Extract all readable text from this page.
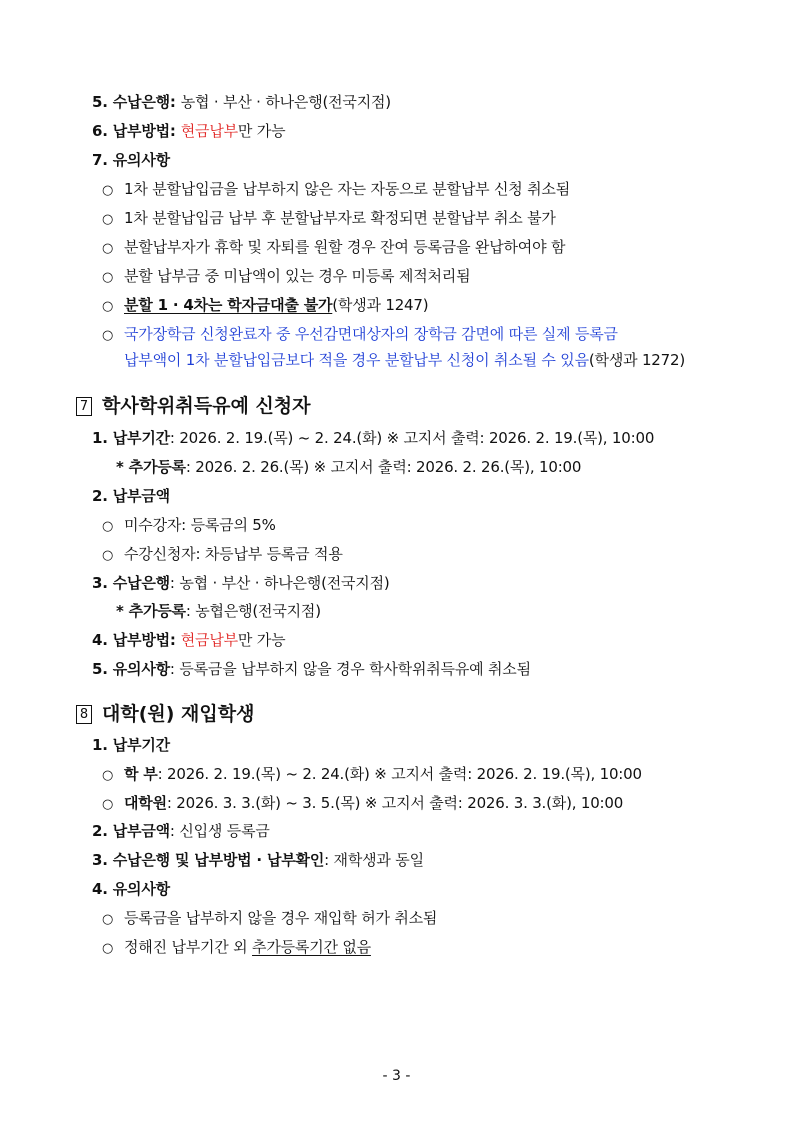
5. 수납은행: 농협 · 부산 · 하나은행(전국지점)
6. 납부방법: 현금납부만 가능
7. 유의사항
○ 1차 분할납입금을 납부하지 않은 자는 자동으로 분할납부 신청 취소됨
○ 1차 분할납입금 납부 후 분할납부자로 확정되면 분할납부 취소 불가
○ 분할납부자가 휴학 및 자퇴를 원할 경우 잔여 등록금을 완납하여야 함
○ 분할 납부금 중 미납액이 있는 경우 미등록 제적처리됨
○ 분할 1 · 4차는 학자금대출 불가(학생과 1247)
○ 국가장학금 신청완료자 중 우선감면대상자의 장학금 감면에 따른 실제 등록금
납부액이 1차 분할납입금보다 적을 경우 분할납부 신청이 취소될 수 있음(학생과 1272)
7 학사학위취득유예 신청자
1. 납부기간: 2026. 2. 19.(목) ~ 2. 24.(화) ※ 고지서 출력: 2026. 2. 19.(목), 10:00
* 추가등록: 2026. 2. 26.(목) ※ 고지서 출력: 2026. 2. 26.(목), 10:00
2. 납부금액
○ 미수강자: 등록금의 5%
○ 수강신청자: 차등납부 등록금 적용
3. 수납은행: 농협 · 부산 · 하나은행(전국지점)
* 추가등록: 농협은행(전국지점)
4. 납부방법: 현금납부만 가능
5. 유의사항: 등록금을 납부하지 않을 경우 학사학위취득유예 취소됨
8 대학(원) 재입학생
1. 납부기간
○ 학 부: 2026. 2. 19.(목) ~ 2. 24.(화) ※ 고지서 출력: 2026. 2. 19.(목), 10:00
○ 대학원: 2026. 3. 3.(화) ~ 3. 5.(목) ※ 고지서 출력: 2026. 3. 3.(화), 10:00
2. 납부금액: 신입생 등록금
3. 수납은행 및 납부방법 · 납부확인: 재학생과 동일
4. 유의사항
○ 등록금을 납부하지 않을 경우 재입학 허가 취소됨
○ 정해진 납부기간 외 추가등록기간 없음
- 3 -
